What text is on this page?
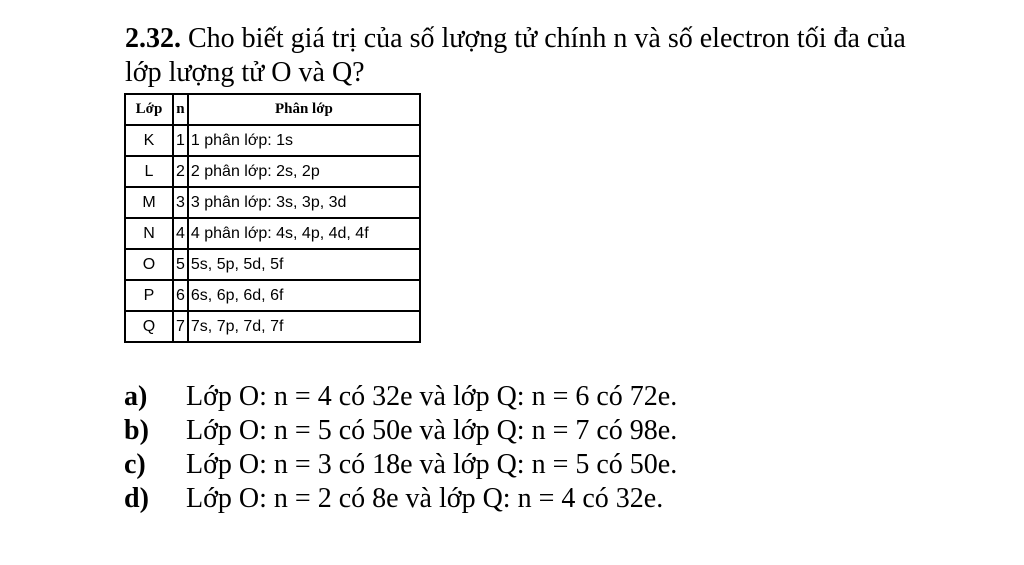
2.32. Cho biết giá trị của số lượng tử chính n và số electron tối đa của lớp lượng tử O và Q?
Lớp	n	Phân lớp
K	1	1 phân lớp: 1s
L	2	2 phân lớp: 2s, 2p
M	3	3 phân lớp: 3s, 3p, 3d
N	4	4 phân lớp: 4s, 4p, 4d, 4f
O	5	5s, 5p, 5d, 5f
P	6	6s, 6p, 6d, 6f
Q	7	7s, 7p, 7d, 7f
a)	Lớp O: n = 4 có 32e và lớp Q: n = 6 có 72e.
b)	Lớp O: n = 5 có 50e và lớp Q: n = 7 có 98e.
c)	Lớp O: n = 3 có 18e và lớp Q: n = 5 có 50e.
d)	Lớp O: n = 2 có 8e và lớp Q: n = 4 có 32e.
